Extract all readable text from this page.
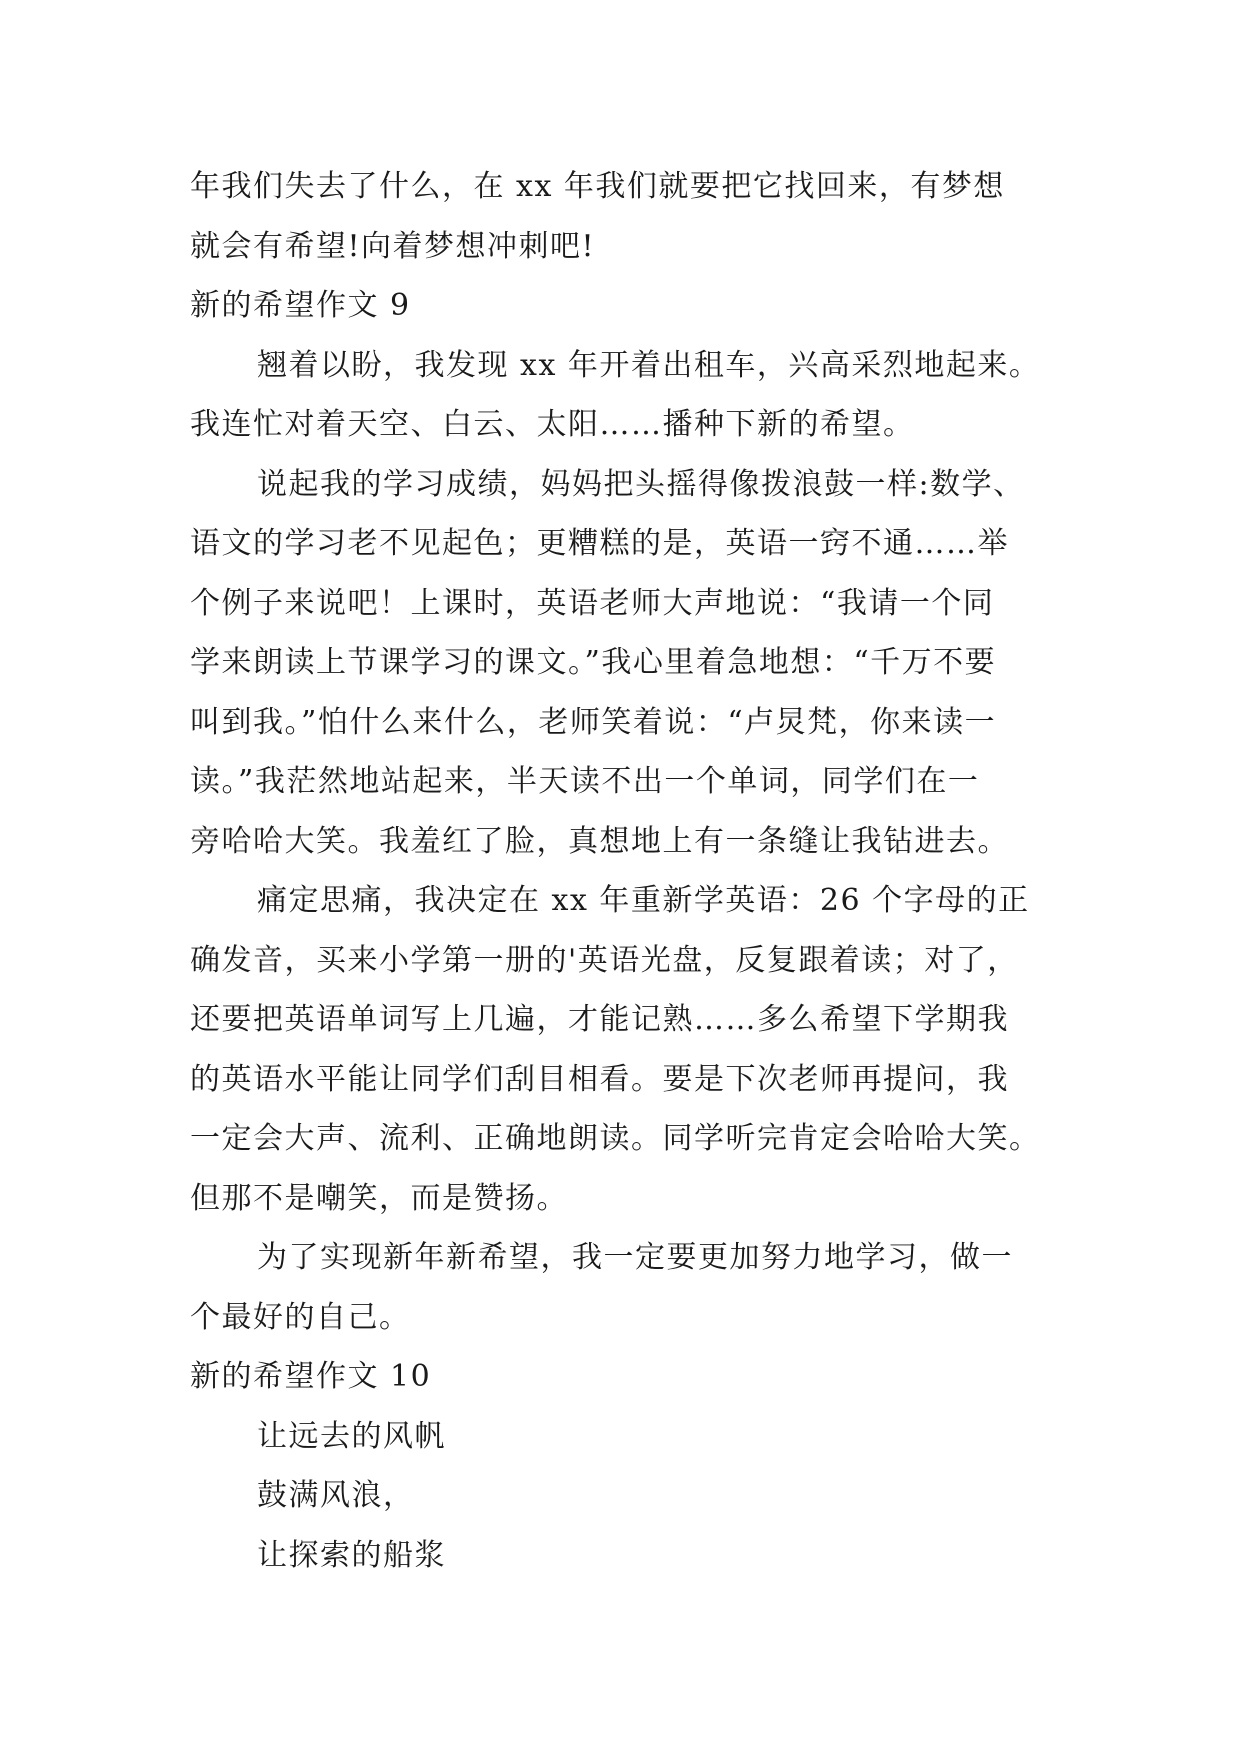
年我们失去了什么，在 xx 年我们就要把它找回来，有梦想
就会有希望!向着梦想冲刺吧!
新的希望作文 9
翘着以盼，我发现 xx 年开着出租车，兴高采烈地起来。
我连忙对着天空、白云、太阳……播种下新的希望。
说起我的学习成绩，妈妈把头摇得像拨浪鼓一样:数学、
语文的学习老不见起色；更糟糕的是，英语一窍不通……举
个例子来说吧！上课时，英语老师大声地说：“我请一个同
学来朗读上节课学习的课文。”我心里着急地想：“千万不要
叫到我。”怕什么来什么，老师笑着说：“卢炅梵，你来读一
读。”我茫然地站起来，半天读不出一个单词，同学们在一
旁哈哈大笑。我羞红了脸，真想地上有一条缝让我钻进去。
痛定思痛，我决定在 xx 年重新学英语：26 个字母的正
确发音，买来小学第一册的'英语光盘，反复跟着读；对了，
还要把英语单词写上几遍，才能记熟……多么希望下学期我
的英语水平能让同学们刮目相看。要是下次老师再提问，我
一定会大声、流利、正确地朗读。同学听完肯定会哈哈大笑。
但那不是嘲笑，而是赞扬。
为了实现新年新希望，我一定要更加努力地学习，做一
个最好的自己。
新的希望作文 10
让远去的风帆
鼓满风浪，
让探索的船浆
